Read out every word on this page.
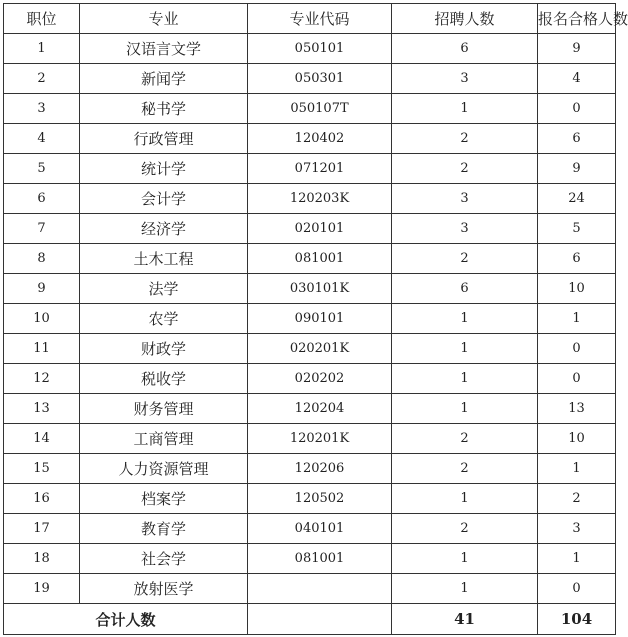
职位	专业	专业代码	招聘人数	报名合格人数
1	汉语言文学	050101	6	9
2	新闻学	050301	3	4
3	秘书学	050107T	1	0
4	行政管理	120402	2	6
5	统计学	071201	2	9
6	会计学	120203K	3	24
7	经济学	020101	3	5
8	土木工程	081001	2	6
9	法学	030101K	6	10
10	农学	090101	1	1
11	财政学	020201K	1	0
12	税收学	020202	1	0
13	财务管理	120204	1	13
14	工商管理	120201K	2	10
15	人力资源管理	120206	2	1
16	档案学	120502	1	2
17	教育学	040101	2	3
18	社会学	081001	1	1
19	放射医学		1	0
合计人数			41	104
